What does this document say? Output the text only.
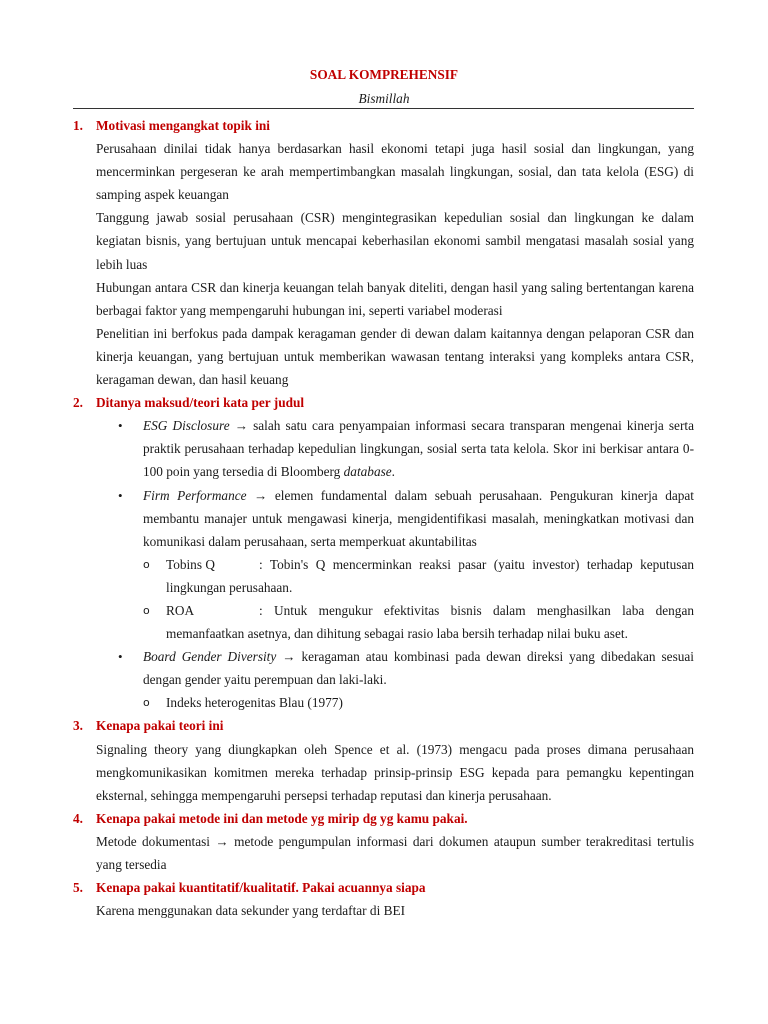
SOAL KOMPREHENSIF
Bismillah
1. Motivasi mengangkat topik ini
Perusahaan dinilai tidak hanya berdasarkan hasil ekonomi tetapi juga hasil sosial dan lingkungan, yang mencerminkan pergeseran ke arah mempertimbangkan masalah lingkungan, sosial, dan tata kelola (ESG) di samping aspek keuangan
Tanggung jawab sosial perusahaan (CSR) mengintegrasikan kepedulian sosial dan lingkungan ke dalam kegiatan bisnis, yang bertujuan untuk mencapai keberhasilan ekonomi sambil mengatasi masalah sosial yang lebih luas
Hubungan antara CSR dan kinerja keuangan telah banyak diteliti, dengan hasil yang saling bertentangan karena berbagai faktor yang mempengaruhi hubungan ini, seperti variabel moderasi
Penelitian ini berfokus pada dampak keragaman gender di dewan dalam kaitannya dengan pelaporan CSR dan kinerja keuangan, yang bertujuan untuk memberikan wawasan tentang interaksi yang kompleks antara CSR, keragaman dewan, dan hasil keuang
2. Ditanya maksud/teori kata per judul
• ESG Disclosure → salah satu cara penyampaian informasi secara transparan mengenai kinerja serta praktik perusahaan terhadap kepedulian lingkungan, sosial serta tata kelola. Skor ini berkisar antara 0-100 poin yang tersedia di Bloomberg database.
• Firm Performance → elemen fundamental dalam sebuah perusahaan. Pengukuran kinerja dapat membantu manajer untuk mengawasi kinerja, mengidentifikasi masalah, meningkatkan motivasi dan komunikasi dalam perusahaan, serta memperkuat akuntabilitas
o Tobins Q	: Tobin's Q mencerminkan reaksi pasar (yaitu investor) terhadap keputusan lingkungan perusahaan.
o ROA	: Untuk mengukur efektivitas bisnis dalam menghasilkan laba dengan memanfaatkan asetnya, dan dihitung sebagai rasio laba bersih terhadap nilai buku aset.
• Board Gender Diversity → keragaman atau kombinasi pada dewan direksi yang dibedakan sesuai dengan gender yaitu perempuan dan laki-laki.
o Indeks heterogenitas Blau (1977)
3. Kenapa pakai teori ini
Signaling theory yang diungkapkan oleh Spence et al. (1973) mengacu pada proses dimana perusahaan mengkomunikasikan komitmen mereka terhadap prinsip-prinsip ESG kepada para pemangku kepentingan eksternal, sehingga mempengaruhi persepsi terhadap reputasi dan kinerja perusahaan.
4. Kenapa pakai metode ini dan metode yg mirip dg yg kamu pakai.
Metode dokumentasi → metode pengumpulan informasi dari dokumen ataupun sumber terakreditasi tertulis yang tersedia
5. Kenapa pakai kuantitatif/kualitatif. Pakai acuannya siapa
Karena menggunakan data sekunder yang terdaftar di BEI
